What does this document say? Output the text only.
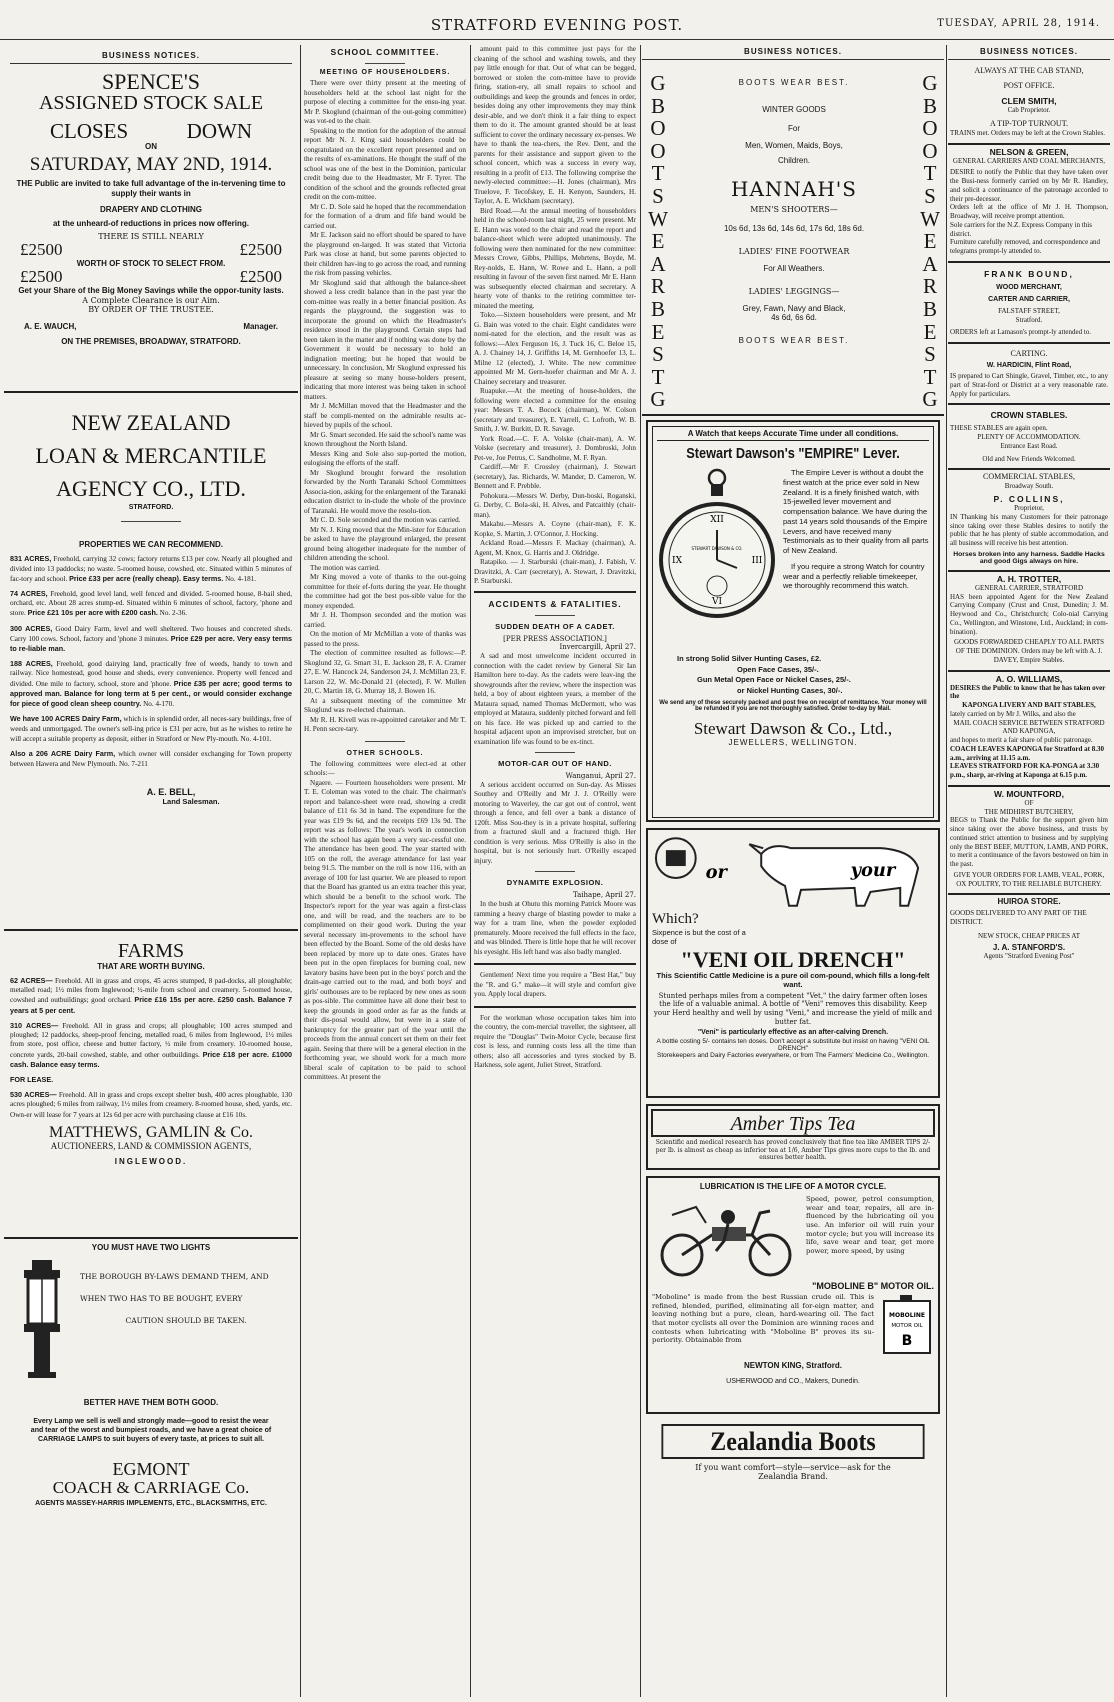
STRATFORD EVENING POST.	TUESDAY, APRIL 28, 1914.
BUSINESS NOTICES.
SPENCE'S
ASSIGNED STOCK SALE
CLOSES	DOWN
ON
SATURDAY, MAY 2ND, 1914.
THE Public are invited to take full advantage of the in-tervening time to supply their wants in
DRAPERY AND CLOTHING
at the unheard-of reductions in prices now offering.
THERE IS STILL NEARLY
£2500	£2500
WORTH OF STOCK TO SELECT FROM.
£2500	£2500
Get your Share of the Big Money Savings while the oppor-tunity lasts.
A Complete Clearance is our Aim.
BY ORDER OF THE TRUSTEE.
A. E. WAUCH,	Manager.
ON THE PREMISES, BROADWAY, STRATFORD.
NEW ZEALAND
LOAN & MERCANTILE
AGENCY CO., LTD.
STRATFORD.
PROPERTIES WE CAN RECOMMEND.
831 ACRES, Freehold, carrying 32 cows; factory returns £13 per cow. Nearly all ploughed and divided into 13 paddocks; no waste. 5-roomed house, cowshed, etc. Situated within 5 minutes of fac-tory and school. Price £33 per acre (really cheap). Easy terms. No. 4-181.
74 ACRES, Freehold, good level land, well fenced and divided. 5-roomed house, 8-bail shed, orchard, etc. About 28 acres stump-ed. Situated within 6 minutes of school, factory, 'phone and store. Price £21 10s per acre with £200 cash. No. 2-36.
300 ACRES, Good Dairy Farm, level and well sheltered. Two houses and concreted sheds. Carry 100 cows. School, factory and 'phone 3 minutes. Price £29 per acre. Very easy terms to re-liable man.
188 ACRES, Freehold, good dairying land, practically free of weeds, handy to town and railway. Nice homestead, good house and sheds, every convenience. Property well fenced and divided. One mile to factory, school, store and 'phone. Price £35 per acre; good terms to approved man. Balance for long term at 5 per cent., or would consider exchange for piece of good clean sheep country. No. 4-170.
We have 100 ACRES Dairy Farm, which is in splendid order, all neces-sary buildings, free of weeds and unmortgaged. The owner's sell-ing price is £31 per acre, but as he wishes to retire he will accept a suitable property as deposit, either in Stratford or New Ply-mouth. No. 4-101.
Also a 206 ACRE Dairy Farm, which owner will consider exchanging for Town property between Hawera and New Plymouth. No. 7-211
A. E. BELL,
Land Salesman.
FARMS
THAT ARE WORTH BUYING.
62 ACRES— Freehold. All in grass and crops, 45 acres stumped, 8 pad-docks, all ploughable; metalled road; 1½ miles from Inglewood; ½-mile from school and creamery. 5-roomed house, cowshed and outbuildings; good orchard. Price £16 15s per acre. £250 cash. Balance 7 years at 5 per cent.
310 ACRES— Freehold. All in grass and crops; all ploughable; 100 acres stumped and ploughed; 12 paddocks, sheep-proof fencing, metalled road, 6 miles from Inglewood, 1½ miles from store, post office, cheese and butter factory, ½ mile from creamery. 10-roomed house, concrete yards, 20-bail cowshed, stable, and other outbuildings. Price £18 per acre. £1000 cash. Balance easy terms.
FOR LEASE.
530 ACRES— Freehold. All in grass and crops except shelter bush, 400 acres ploughable, 130 acres ploughed; 6 miles from railway, 1½ miles from creamery. 8-roomed house, shed, yards, etc. Own-er will lease for 7 years at 12s 6d per acre with purchasing clause at £16 10s.
MATTHEWS, GAMLIN & Co.
AUCTIONEERS, LAND & COMMISSION AGENTS,
INGLEWOOD.
YOU MUST HAVE TWO LIGHTS
THE BOROUGH BY-LAWS DEMAND THEM, AND
WHEN TWO HAS TO BE BOUGHT, EVERY
CAUTION SHOULD BE TAKEN.
BETTER HAVE THEM BOTH GOOD.
Every Lamp we sell is well and strongly made—good to resist the wear and tear of the worst and bumpiest roads, and we have a great choice of CARRIAGE LAMPS to suit buyers of every taste, at prices to suit all.
EGMONT
COACH & CARRIAGE Co.
AGENTS MASSEY-HARRIS IMPLEMENTS, ETC., BLACKSMITHS, ETC.
SCHOOL COMMITTEE.
MEETING OF HOUSEHOLDERS.

There were over thirty present at the meeting of householders held at the school last night for the purpose of electing a committee for the ensu-ing year. Mr P. Skoglund (chairman of the out-going committee) was vot-ed to the chair.

Speaking to the motion for the adoption of the annual report Mr N. J. King said householders could be congratulated on the excellent report presented and on the results of ex-aminations. He thought the staff of the school was one of the best in the Dominion, particular credit being due to the Headmaster, Mr F. Tyrer. The condition of the school and the grounds reflected great credit on the com-mittee.

Mr C. D. Sole said he hoped that the recommendation for the formation of a drum and fife band would be carried out.

Mr E. Jackson said no effort should be spared to have the playground en-larged. It was stated that Victoria Park was close at hand, but some parents objected to their children hav-ing to go across the road, and running the risk from passing vehicles.

Mr Skoglund said that although the balance-sheet showed a less credit balance than in the past year the com-mittee was really in a better financial position. As regards the playground, the suggestion was to incorporate the ground on which the Headmaster's residence stood in the playground. Certain steps had been taken in the matter and if nothing was done by the Government it would be necessary to hold an indignation meeting; but he hoped that would be unnecessary. In conclusion, Mr Skoglund expressed his pleasure at seeing so many house-holders present, indicating that more interest was being taken in school matters.

Mr J. McMillan moved that the Headmaster and the staff be compli-mented on the admirable results ac-hieved by pupils of the school.

Mr G. Smart seconded. He said the school's name was known throughout the North Island.

Messrs King and Sole also sup-ported the motion, eulogising the efforts of the staff.

Mr Skoglund brought forward the resolution forwarded by the North Taranaki School Committees Associa-tion, asking for the enlargement of the Taranaki education district to in-clude the whole of the province of Taranaki. He would move the resolu-tion.

Mr C. D. Sole seconded and the motion was carried.

Mr N. J. King moved that the Min-ister for Education be asked to have the playground enlarged, the present ground being altogether inadequate for the number of children attending the school.

The motion was carried.

Mr King moved a vote of thanks to the out-going committee for their ef-forts during the year. He thought the committee had got the best pos-sible value for the money expended.

Mr J. H. Thompson seconded and the motion was carried.

On the motion of Mr McMillan a vote of thanks was passed to the press.

The election of committee resulted as follows:—P. Skoglund 32, G. Smart 31, E. Jackson 28, F. A. Cramer 27, E. W. Hancock 24, Sanderson 24, J. McMillan 23, F. Larson 22, W. Mc-Donald 21 (elected), F. W. Mullen 20, C. Martin 18, G. Murray 18, J. Bowen 16.

At a subsequent meeting of the committee Mr Skoglund was re-elected chairman.

Mr R. H. Kivell was re-appointed caretaker and Mr T. H. Penn secre-tary.

OTHER SCHOOLS.

The following committees were elect-ed at other schools:—

Ngaere. — Fourteen householders were present. Mr T. E. Coleman was voted to the chair. The chairman's report and balance-sheet were read, showing a credit balance of £11 6s 3d in hand. The expenditure for the year was £19 9s 6d, and the receipts £69 13s 9d. The report was as follows: The year's work in connection with the school has again been a very suc-cessful one. The attendance has been good. The year started with 105 on the roll, the average attendance for last year being 91.5. The number on the roll is now 116, with an average of 100 for last quarter. We are pleased to report that the Board has granted us an extra teacher this year, which should be a benefit to the school work. The Inspector's report for the year was again a first-class one, and will be read, and the teachers are to be complimented on their good work. During the year several necessary im-provements to the school have been effected by the Board. Some of the old desks have been replaced by more up to date ones. Grates have been put in the open fireplaces for burning coal, new lavatory basins have been put in the boys' porch and the drain-age carried out to the road, and both boys' and girls' outhouses are to be replaced by new ones as soon as pos-sible. The committee have all done their best to keep the grounds in good order as far as the funds at their dis-posal would allow, but were in a state of bankruptcy for the greater part of the year until the proceeds from the annual concert set them on their feet again. Seeing that there will be a general election in the forthcoming year, we should work for a much more liberal scale of capitation to be paid to school committees. At present the

amount paid to this committee just pays for the cleaning of the school and washing towels, and they pay little enough for that. Out of what can be begged, borrowed or stolen the com-mittee have to provide firing, station-ery, all small repairs to school and outbuildings and keep the grounds and fences in order, besides doing any other improvements they may think desir-able, and we don't think it a fair thing to expect them to do it. The amount granted should be at least sufficient to cover the ordinary necessary ex-penses. We have to thank the tea-chers, the Rev. Dent, and the parents for their assistance and support given to the school concert, which was a success in every way, resulting in a profit of £13. The following comprise the newly-elected committee:—H. Jones (chairman), Mrs Truelove, F. Tecofskey, E. H. Kenyon, Saunders, H. Taylor, A. E. Wickham (secretary).

Bird Road.—At the annual meeting of householders held in the school-room last night, 25 were present. Mr E. Hann was voted to the chair and read the report and balance-sheet which were adopted unanimously. The following were then nominated for the new committee: Messrs Crowe, Gibbs, Phillips, Mehrtens, Boyde, M. Rey-nolds, E. Hann, W. Rowe and L. Hann, a poll resulting in favour of the seven first named. Mr E. Hann was subsequently elected chairman and secretary. A hearty vote of thanks to the retiring committee ter-minated the meeting.

Toko.—Sixteen householders were present, and Mr G. Bain was voted to the chair. Eight candidates were nomi-nated for the election, and the result was as follows:—Alex Ferguson 16, J. Tuck 16, C. Beloe 15, A. J. Chainey 14, J. Griffiths 14, M. Gernhoefer 13, L. Milne 12 (elected), J. White. The new committee appointed Mr M. Gern-hoefer chairman and Mr A. J. Chainey secretary and treasurer.

Ruapuke.—At the meeting of house-holders, the following were elected a committee for the ensuing year: Messrs T. A. Bocock (chairman), W. Colson (secretary and treasurer), E. Yarrell, C. Lofroth, W. B. Smith, J. W. Burkitt, D. R. Savage.

York Road.—C. F. A. Volske (chair-man), A. W. Volske (secretary and treasurer), J. Dombroski, John Pet-ve, Joe Petrus, C. Sandholme, M. F. Ryan.

Cardiff.—Mr F. Crossley (chairman), J. Stewart (secretary), Jas. Richards, W. Mander, D. Cameron, W. Bennett and F. Prebble.

Pohokura.—Messrs W. Derby, Dun-boski, Roganski, G. Derby, C. Bola-ski, H. Alves, and Patcaithly (chair-man).

Makahu.—Messrs A. Coyne (chair-man), F. K. Kopke, S. Martin, J. O'Connor, J. Hocking.

Ackland Road.—Messrs F. Mackay (chairman), A. Agent, M. Knox, G. Harris and J. Oldridge.

Ratapiko. — J. Starburski (chair-man), J. Fabish, V. Dravitzki, A. Carr (secretary), A. Stewart, J. Dravitzki, P. Starburski.

ACCIDENTS & FATALITIES.
SUDDEN DEATH OF A CADET.
[PER PRESS ASSOCIATION.]
Invercargill, April 27.

A sad and most unwelcome incident occurred in connection with the cadet review by General Sir Ian Hamilton here to-day. As the cadets were leav-ing the showgrounds after the review, where the inspection was held, a boy of about eighteen years, a member of the Mataura squad, named Thomas McDermott, who was employed at Mataura, suddenly pitched forward and fell on his face. He was picked up and carried to the hospital adjacent upon an improvised stretcher, but on examination life was found to be ex-tinct.

MOTOR-CAR OUT OF HAND.
Wanganui, April 27.

A serious accident occurred on Sun-day. As Misses Southey and O'Reilly and Mr J. J. O'Reilly were motoring to Waverley, the car got out of control, went through a fence, and fell over a bank a distance of 120ft. Miss Sou-they is in a private hospital, suffering from a fractured skull and a fractured thigh. Her condition is very serious. Miss O'Reilly is also in the hospital, but is not seriously hurt. O'Reilly escaped injury.

DYNAMITE EXPLOSION.
Taihape, April 27.

In the bush at Ohutu this morning Patrick Moore was ramming a heavy charge of blasting powder to make a way for a tram line, when the powder exploded prematurely. Moore received the full effects in the face, and was blinded. There is little hope that he will recover his eyesight. His left hand was also badly mangled.

Gentlemen! Next time you require a "Best Hat," buy the "R. and G." make—it will style and comfort give you. Apply local drapers.

For the workman whose occupation takes him into the country, the com-mercial traveller, the sightseer, all require the "Douglas" Twin-Motor Cycle, because first cost is less, and running costs less all the time than others; also all accessories and tyres stocked by B. Harkness, sole agent, Juliet Street, Stratford.

BUSINESS NOTICES.
G
B
O
O
T
S
W
E
A
R
B
E
S
T
G
G
B
O
O
T
S
W
E
A
R
B
E
S
T
G
BOOTS WEAR BEST.
WINTER GOODS
For
Men, Women, Maids, Boys,
Children.
HANNAH'S
MEN'S SHOOTERS—
10s 6d, 13s 6d, 14s 6d, 17s 6d, 18s 6d.
LADIES' FINE FOOTWEAR
For All Weathers.
LADIES' LEGGINGS—
Grey, Fawn, Navy and Black,
4s 6d, 6s 6d.
BOOTS WEAR BEST.
A Watch that keeps Accurate Time under all conditions.
Stewart Dawson's "EMPIRE" Lever.
XII
VI
IX	III
STEWART DAWSON & CO.

The Empire Lever is without a doubt the finest watch at the price ever sold in New Zealand. It is a finely finished watch, with 15-jewelled lever movement and compensation balance. We have during the past 14 years sold thousands of the Empire Levers, and have received many Testimonials as to their quality from all parts of New Zealand.

If you require a strong Watch for country wear and a perfectly reliable timekeeper, we thoroughly recommend this watch.

In strong Solid Silver Hunting Cases, £2.
Open Face Cases, 35/-.
Gun Metal Open Face or Nickel Cases, 25/-.
or Nickel Hunting Cases, 30/-.
We send any of these securely packed and post free on receipt of remittance. Your money will be refunded if you are not thoroughly satisfied. Order to-day by Mail.
Stewart Dawson & Co., Ltd.,
JEWELLERS, WELLINGTON.
your
or
Which?
Sixpence is but the cost of a dose of
"VENI OIL DRENCH"
This Scientific Cattle Medicine is a pure oil com-pound, which fills a long-felt want.
Stunted perhaps miles from a competent "Vet," the dairy farmer often loses the life of a valuable animal. A bottle of "Veni" removes this disability. Keep your Herd healthy and well by using "Veni," and increase the yield of milk and butter fat.
"Veni" is particularly effective as an after-calving Drench.
A bottle costing 5/- contains ten doses. Don't accept a substitute but insist on having "VENI OIL DRENCH"
Storekeepers and Dairy Factories everywhere, or from The Farmers' Medicine Co., Wellington.
Amber Tips Tea
Scientific and medical research has proved conclusively that fine tea like AMBER TIPS 2/- per lb. is almost as cheap as inferior tea at 1/6, Amber Tips gives more cups to the lb. and ensures better health.
LUBRICATION IS THE LIFE OF A MOTOR CYCLE.
Speed, power, petrol consumption, wear and tear, repairs, all are in-fluenced by the lubricating oil you use. An inferior oil will ruin your motor cycle; but you will increase its life, save wear and tear, get more power, more speed, by using
"MOBOLINE B" MOTOR OIL.
"Moboline" is made from the best Russian crude oil. This is refined, blended, purified, eliminating all for-eign matter, and leaving nothing but a pure, clean, hard-wearing oil. The fact that motor cyclists all over the Dominion are winning races and contests when lubricating with "Moboline B" proves its su-periority. Obtainable from
MOBOLINE
MOTOR OIL
B
NEWTON KING, Stratford.
USHERWOOD and CO., Makers, Dunedin.
Zealandia Boots
If you want comfort—style—service—ask for the Zealandia Brand.
BUSINESS NOTICES.
ALWAYS AT THE CAB STAND,
POST OFFICE.
CLEM SMITH,
Cab Proprietor.
A TIP-TOP TURNOUT.
TRAINS met. Orders may be left at the Crown Stables.
NELSON & GREEN,
GENERAL CARRIERS AND COAL MERCHANTS,
DESIRE to notify the Public that they have taken over the Busi-ness formerly carried on by Mr R. Handley, and solicit a continuance of the patronage accorded to their pre-decessor.
Orders left at the office of Mr J. H. Thompson, Broadway, will receive prompt attention.
Sole carriers for the N.Z. Express Company in this district.
Furniture carefully removed, and correspondence and telegrams prompt-ly attended to.
FRANK BOUND,
WOOD MERCHANT,
CARTER AND CARRIER,
FALSTAFF STREET,
Stratford.
ORDERS left at Lamason's prompt-ly attended to.
CARTING.
W. HARDICIN, Flint Road,
IS prepared to Cart Shingle, Gravel, Timber, etc., to any part of Strat-ford or District at a very reasonable rate. Apply for particulars.
CROWN STABLES.
THESE STABLES are again open.
PLENTY OF ACCOMMODATION.
Entrance East Road.
Old and New Friends Welcomed.
COMMERCIAL STABLES,
Broadway South.
P. COLLINS,
Proprietor,
IN Thanking his many Customers for their patronage since taking over these Stables desires to notify the public that he has plenty of stable accommodation, and all business will receive his best attention.
Horses broken into any harness. Saddle Hacks and good Gigs always on hire.
A. H. TROTTER,
GENERAL CARRIER, STRATFORD
HAS been appointed Agent for the New Zealand Carrying Company (Crust and Crust, Dunedin; J. M. Heywood and Co., Christchurch; Colo-nial Carrying Co., Wellington, and Winstone, Ltd., Auckland; in com-bination).
GOODS FORWARDED CHEAPLY TO ALL PARTS OF THE DOMINION. Orders may be left with A. J. DAVEY, Empire Stables.
A. O. WILLIAMS,
DESIRES the Public to know that he has taken over the
KAPONGA LIVERY AND BAIT STABLES,
lately carried on by Mr J. Wilks, and also the
MAIL COACH SERVICE BETWEEN STRATFORD AND KAPONGA,
and hopes to merit a fair share of public patronage.
COACH LEAVES KAPONGA for Stratford at 8.30 a.m., arriving at 11.15 a.m.
LEAVES STRATFORD FOR KA-PONGA at 3.30 p.m., sharp, ar-riving at Kaponga at 6.15 p.m.
W. MOUNTFORD,
OF
THE MIDHIRST BUTCHERY,
BEGS to Thank the Public for the support given him since taking over the above business, and trusts by continued strict attention to business and by supplying only the BEST BEEF, MUTTON, LAMB, AND PORK, to merit a continuance of the favors bestowed on him in the past.
GIVE YOUR ORDERS FOR LAMB, VEAL, PORK, OX POULTRY, TO THE RELIABLE BUTCHERY.
HUIROA STORE.
GOODS DELIVERED TO ANY PART OF THE DISTRICT.
NEW STOCK, CHEAP PRICES AT
J. A. STANFORD'S.
Agents "Stratford Evening Post"
